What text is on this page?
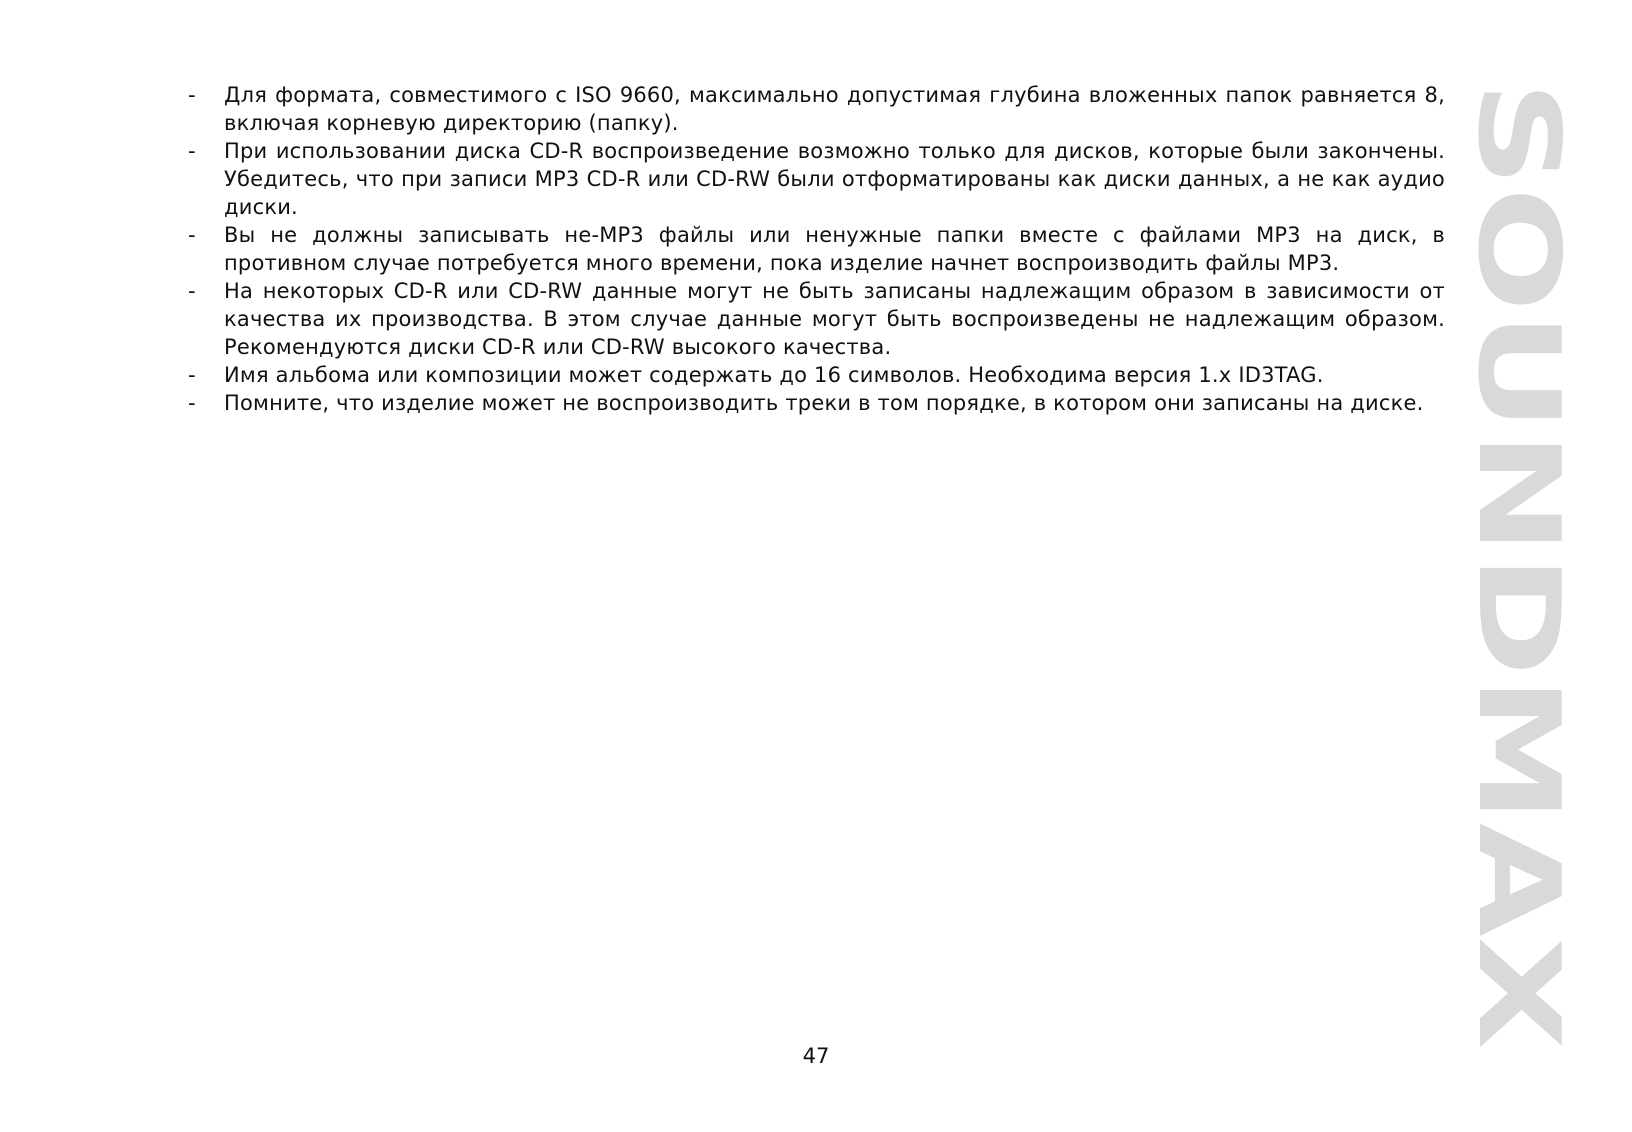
- Для формата, совместимого с ISO 9660, максимально допустимая глубина вложенных папок равняется 8, включая корневую директорию (папку).
- При использовании диска CD-R воспроизведение возможно только для дисков, которые были закончены. Убедитесь, что при записи MP3 CD-R или CD-RW были отформатированы как диски данных, а не как аудио диски.
- Вы не должны записывать не-MP3 файлы или ненужные папки вместе с файлами MP3 на диск, в противном случае потребуется много времени, пока изделие начнет воспроизводить файлы MP3.
- На некоторых CD-R или CD-RW данные могут не быть записаны надлежащим образом в зависимости от качества их производства. В этом случае данные могут быть воспроизведены не надлежащим образом. Рекомендуются диски CD-R или CD-RW высокого качества.
- Имя альбома или композиции может содержать до 16 символов. Необходима версия 1.x ID3TAG.
- Помните, что изделие может не воспроизводить треки в том порядке, в котором они записаны на диске.
47
SOUNDMAX
